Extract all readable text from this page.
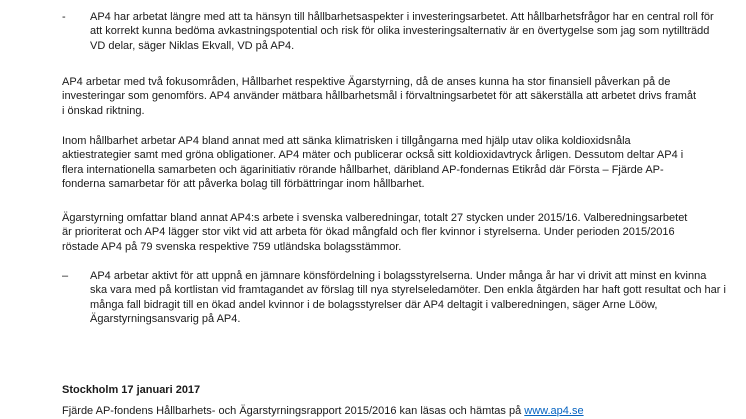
- AP4 har arbetat längre med att ta hänsyn till hållbarhetsaspekter i investeringsarbetet. Att hållbarhetsfrågor har en central roll för att korrekt kunna bedöma avkastningspotential och risk för olika investeringsalternativ är en övertygelse som jag som nytillträdd VD delar, säger Niklas Ekvall, VD på AP4.

AP4 arbetar med två fokusområden, Hållbarhet respektive Ägarstyrning, då de anses kunna ha stor finansiell påverkan på de investeringar som genomförs. AP4 använder mätbara hållbarhetsmål i förvaltningsarbetet för att säkerställa att arbetet drivs framåt i önskad riktning.

Inom hållbarhet arbetar AP4 bland annat med att sänka klimatrisken i tillgångarna med hjälp utav olika koldioxidsnåla aktiestrategier samt med gröna obligationer. AP4 mäter och publicerar också sitt koldioxidavtryck årligen. Dessutom deltar AP4 i flera internationella samarbeten och ägarinitiativ rörande hållbarhet, däribland AP-fondernas Etikråd där Första – Fjärde AP-fonderna samarbetar för att påverka bolag till förbättringar inom hållbarhet.

Ägarstyrning omfattar bland annat AP4:s arbete i svenska valberedningar, totalt 27 stycken under 2015/16. Valberedningsarbetet är prioriterat och AP4 lägger stor vikt vid att arbeta för ökad mångfald och fler kvinnor i styrelserna. Under perioden 2015/2016 röstade AP4 på 79 svenska respektive 759 utländska bolagsstämmor.

– AP4 arbetar aktivt för att uppnå en jämnare könsfördelning i bolagsstyrelserna. Under många år har vi drivit att minst en kvinna ska vara med på kortlistan vid framtagandet av förslag till nya styrelseledamöter. Den enkla åtgärden har haft gott resultat och har i många fall bidragit till en ökad andel kvinnor i de bolagsstyrelser där AP4 deltagit i valberedningen, säger Arne Lööw, Ägarstyrningsansvarig på AP4.

Stockholm 17 januari 2017

Fjärde AP-fondens Hållbarhets- och Ägarstyrningsrapport 2015/2016 kan läsas och hämtas på www.ap4.se
